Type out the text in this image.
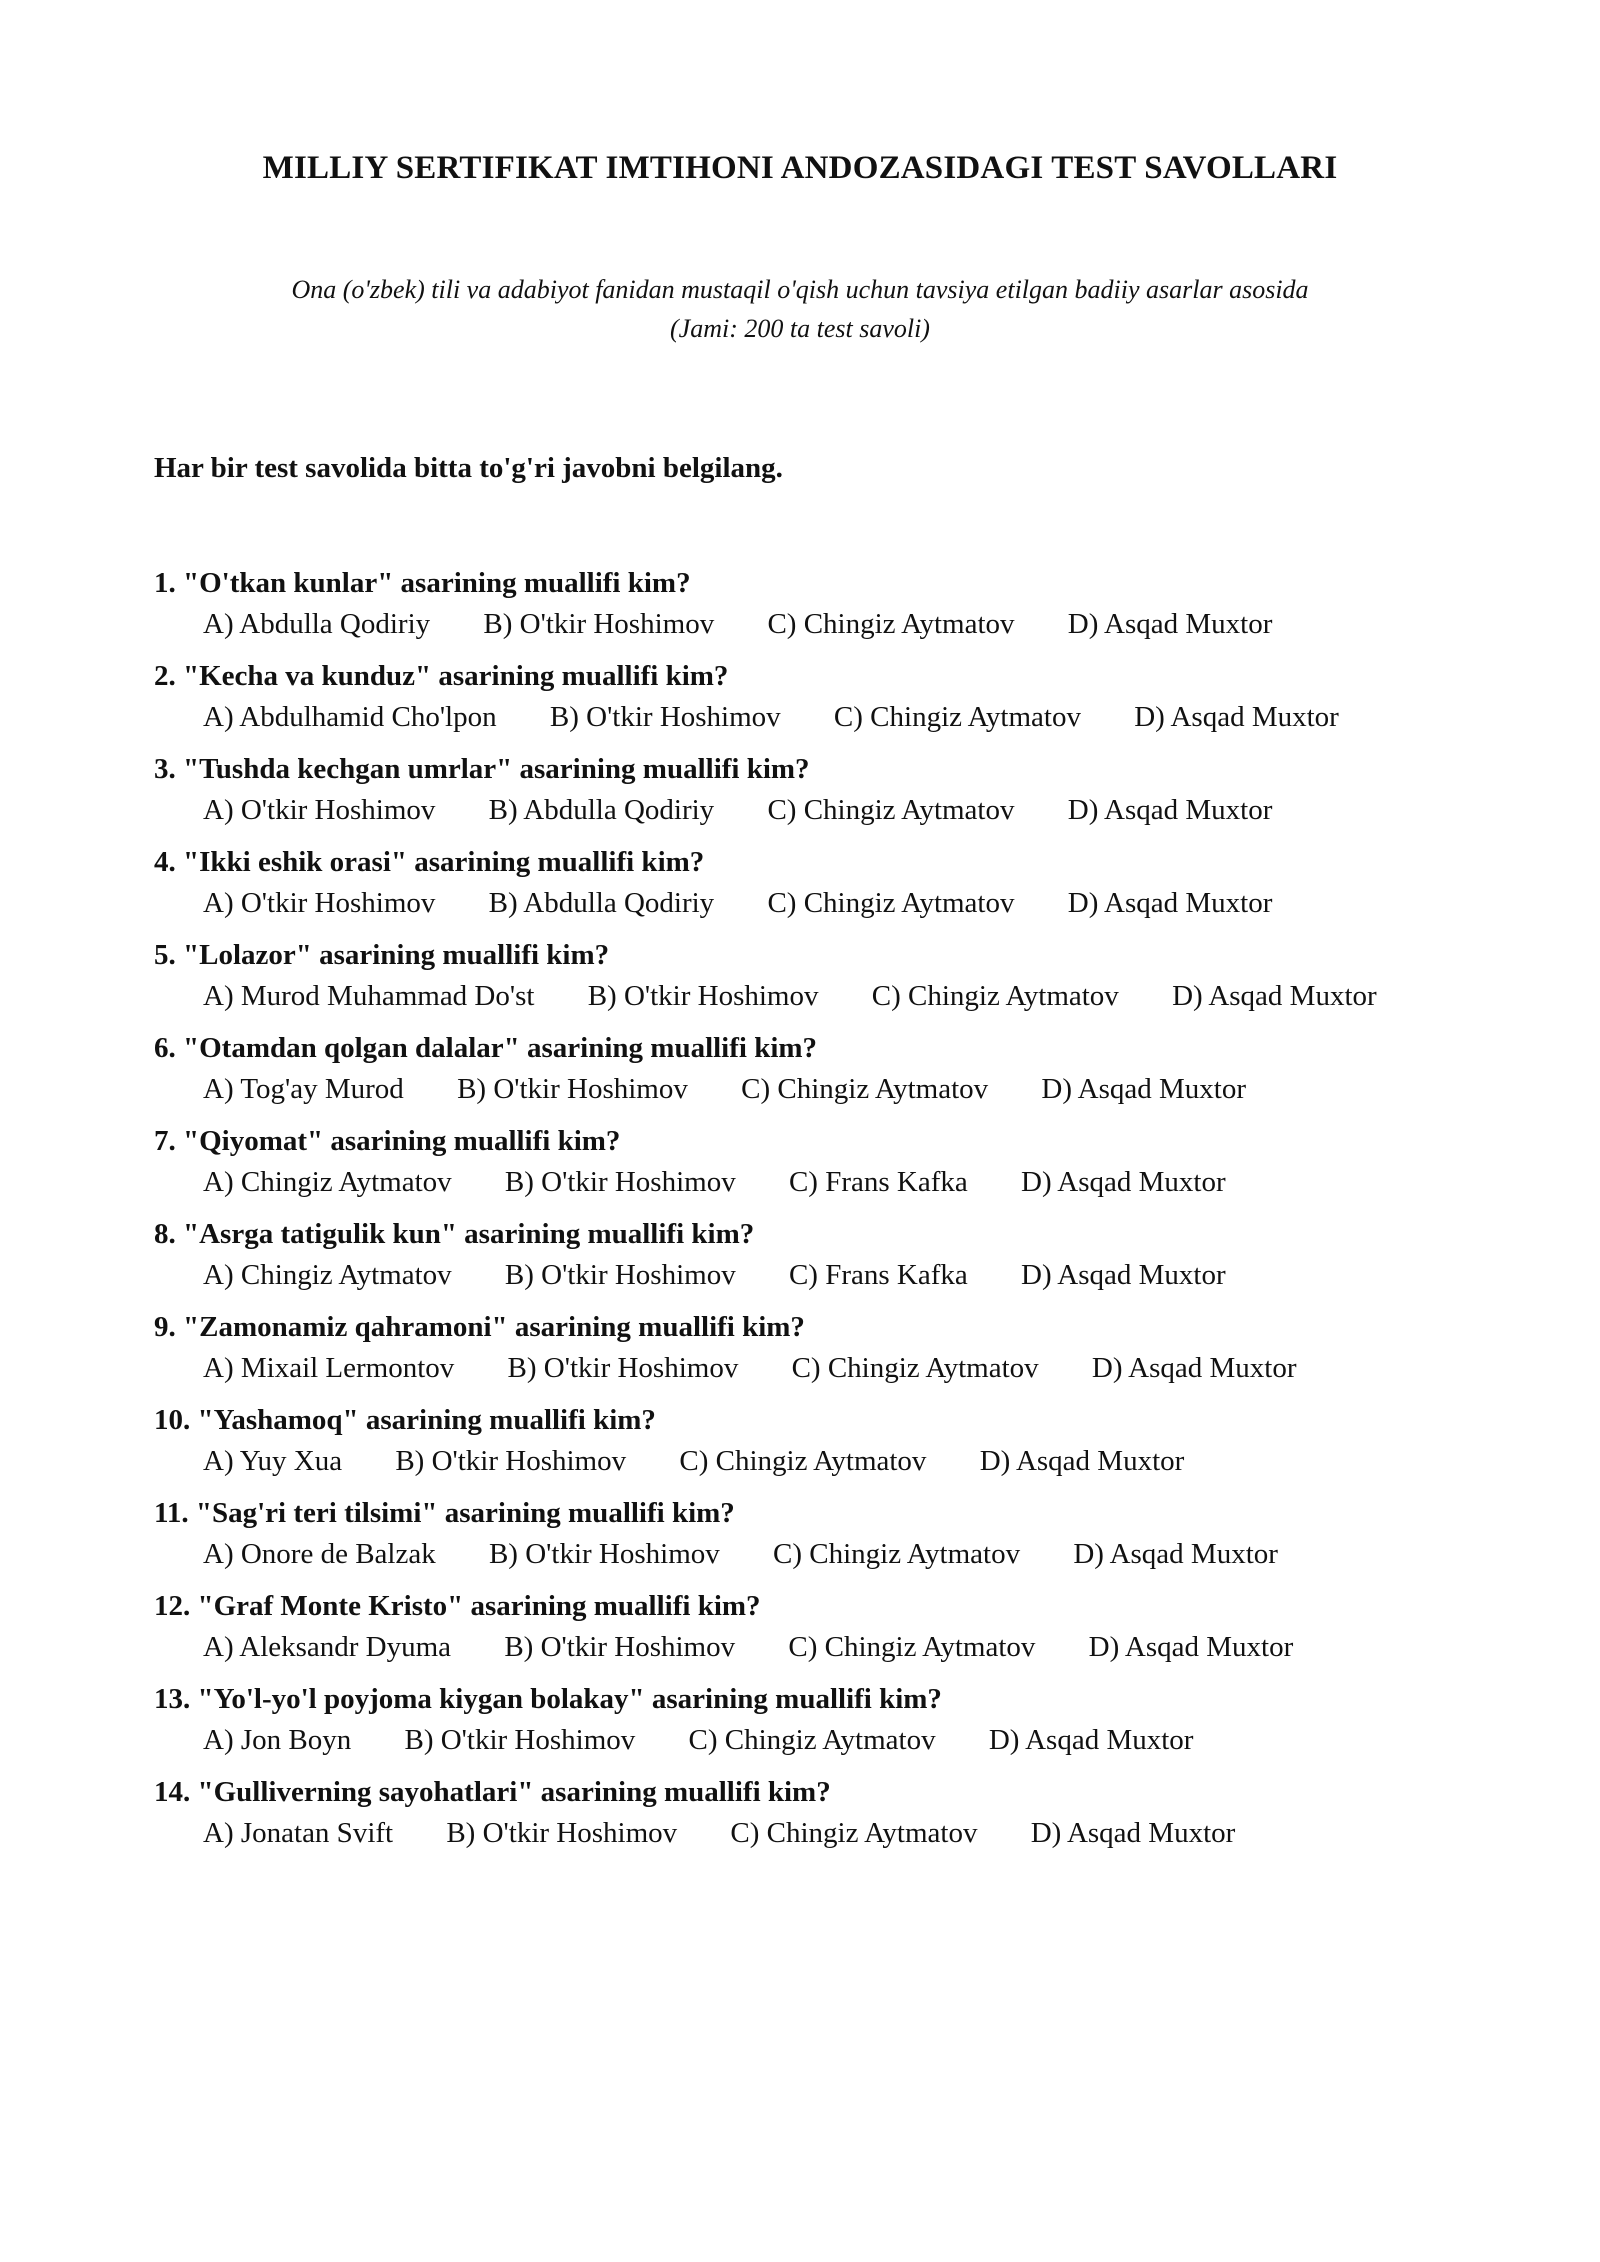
MILLIY SERTIFIKAT IMTIHONI ANDOZASIDAGI TEST SAVOLLARI

Ona (o'zbek) tili va adabiyot fanidan mustaqil o'qish uchun tavsiya etilgan badiiy asarlar asosida
(Jami: 200 ta test savoli)

Har bir test savolida bitta to'g'ri javobni belgilang.

1. "O'tkan kunlar" asarining muallifi kim?
A) Abdulla Qodiriy B) O'tkir Hoshimov C) Chingiz Aytmatov D) Asqad Muxtor
2. "Kecha va kunduz" asarining muallifi kim?
A) Abdulhamid Cho'lpon B) O'tkir Hoshimov C) Chingiz Aytmatov D) Asqad Muxtor
3. "Tushda kechgan umrlar" asarining muallifi kim?
A) O'tkir Hoshimov B) Abdulla Qodiriy C) Chingiz Aytmatov D) Asqad Muxtor
4. "Ikki eshik orasi" asarining muallifi kim?
A) O'tkir Hoshimov B) Abdulla Qodiriy C) Chingiz Aytmatov D) Asqad Muxtor
5. "Lolazor" asarining muallifi kim?
A) Murod Muhammad Do'st B) O'tkir Hoshimov C) Chingiz Aytmatov D) Asqad Muxtor
6. "Otamdan qolgan dalalar" asarining muallifi kim?
A) Tog'ay Murod B) O'tkir Hoshimov C) Chingiz Aytmatov D) Asqad Muxtor
7. "Qiyomat" asarining muallifi kim?
A) Chingiz Aytmatov B) O'tkir Hoshimov C) Frans Kafka D) Asqad Muxtor
8. "Asrga tatigulik kun" asarining muallifi kim?
A) Chingiz Aytmatov B) O'tkir Hoshimov C) Frans Kafka D) Asqad Muxtor
9. "Zamonamiz qahramoni" asarining muallifi kim?
A) Mixail Lermontov B) O'tkir Hoshimov C) Chingiz Aytmatov D) Asqad Muxtor
10. "Yashamoq" asarining muallifi kim?
A) Yuy Xua B) O'tkir Hoshimov C) Chingiz Aytmatov D) Asqad Muxtor
11. "Sag'ri teri tilsimi" asarining muallifi kim?
A) Onore de Balzak B) O'tkir Hoshimov C) Chingiz Aytmatov D) Asqad Muxtor
12. "Graf Monte Kristo" asarining muallifi kim?
A) Aleksandr Dyuma B) O'tkir Hoshimov C) Chingiz Aytmatov D) Asqad Muxtor
13. "Yo'l-yo'l poyjoma kiygan bolakay" asarining muallifi kim?
A) Jon Boyn B) O'tkir Hoshimov C) Chingiz Aytmatov D) Asqad Muxtor
14. "Gulliverning sayohatlari" asarining muallifi kim?
A) Jonatan Svift B) O'tkir Hoshimov C) Chingiz Aytmatov D) Asqad Muxtor
